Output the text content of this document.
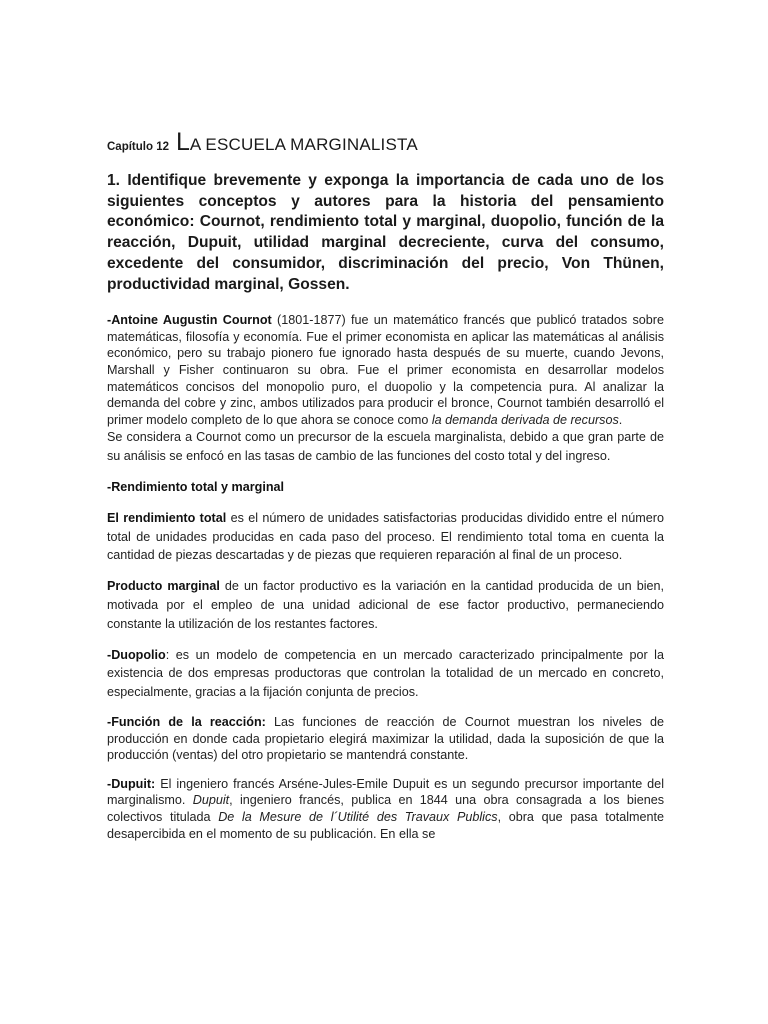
Capítulo 12 L A ESCUELA MARGINALISTA

1. Identifique brevemente y exponga la importancia de cada uno de los siguientes conceptos y autores para la historia del pensamiento económico: Cournot, rendimiento total y marginal, duopolio, función de la reacción, Dupuit, utilidad marginal decreciente, curva del consumo, excedente del consumidor, discriminación del precio, Von Thünen, productividad marginal, Gossen.

-Antoine Augustin Cournot (1801-1877) fue un matemático francés que publicó tratados sobre matemáticas, filosofía y economía. Fue el primer economista en aplicar las matemáticas al análisis económico, pero su trabajo pionero fue ignorado hasta después de su muerte, cuando Jevons, Marshall y Fisher continuaron su obra. Fue el primer economista en desarrollar modelos matemáticos concisos del monopolio puro, el duopolio y la competencia pura. Al analizar la demanda del cobre y zinc, ambos utilizados para producir el bronce, Cournot también desarrolló el primer modelo completo de lo que ahora se conoce como la demanda derivada de recursos.

Se considera a Cournot como un precursor de la escuela marginalista, debido a que gran parte de su análisis se enfocó en las tasas de cambio de las funciones del costo total y del ingreso.

-Rendimiento total y marginal

El rendimiento total es el número de unidades satisfactorias producidas dividido entre el número total de unidades producidas en cada paso del proceso. El rendimiento total toma en cuenta la cantidad de piezas descartadas y de piezas que requieren reparación al final de un proceso.

Producto marginal de un factor productivo es la variación en la cantidad producida de un bien, motivada por el empleo de una unidad adicional de ese factor productivo, permaneciendo constante la utilización de los restantes factores.

-Duopolio: es un modelo de competencia en un mercado caracterizado principalmente por la existencia de dos empresas productoras que controlan la totalidad de un mercado en concreto, especialmente, gracias a la fijación conjunta de precios.

-Función de la reacción: Las funciones de reacción de Cournot muestran los niveles de producción en donde cada propietario elegirá maximizar la utilidad, dada la suposición de que la producción (ventas) del otro propietario se mantendrá constante.

-Dupuit: El ingeniero francés Arséne-Jules-Emile Dupuit es un segundo precursor importante del marginalismo. Dupuit, ingeniero francés, publica en 1844 una obra consagrada a los bienes colectivos titulada De la Mesure de l´Utilité des Travaux Publics, obra que pasa totalmente desapercibida en el momento de su publicación. En ella se
